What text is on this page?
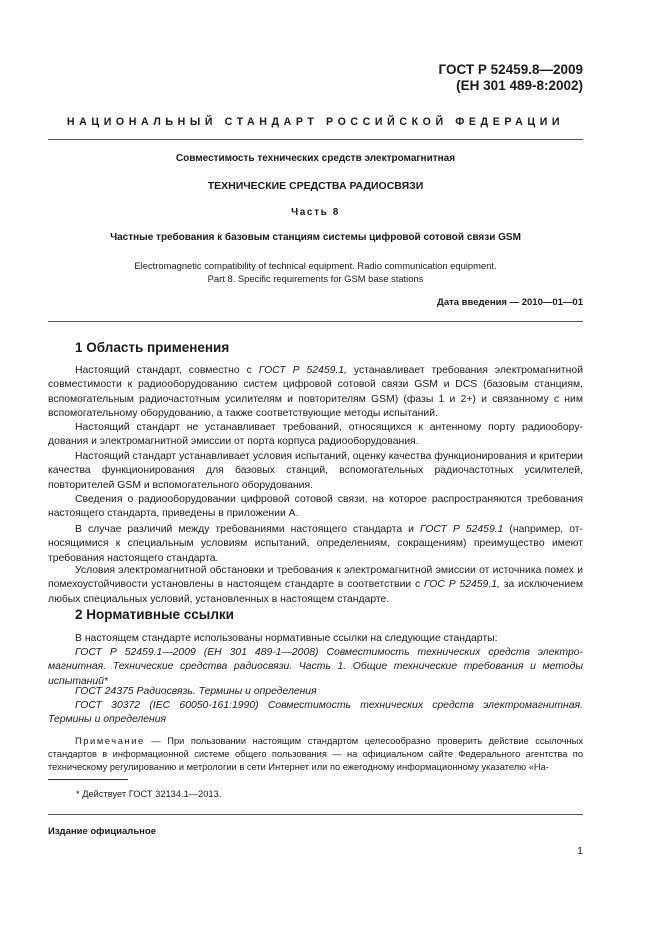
ГОСТ Р 52459.8—2009
(ЕН 301 489-8:2002)
НАЦИОНАЛЬНЫЙ СТАНДАРТ РОССИЙСКОЙ ФЕДЕРАЦИИ
Совместимость технических средств электромагнитная
ТЕХНИЧЕСКИЕ СРЕДСТВА РАДИОСВЯЗИ
Часть 8
Частные требования к базовым станциям системы цифровой сотовой связи GSM
Electromagnetic compatibility of technical equipment. Radio communication equipment.
Part 8. Specific requirements for GSM base stations
Дата введения — 2010—01—01
1 Область применения

Настоящий стандарт, совместно с ГОСТ Р 52459.1, устанавливает требования электромагнитной совместимости к радиооборудованию систем цифровой сотовой связи GSM и DCS (базовым станциям, вспомогательным радиочастотным усилителям и повторителям GSM) (фазы 1 и 2+) и связанному с ним вспомогательному оборудованию, а также соответствующие методы испытаний.

Настоящий стандарт не устанавливает требований, относящихся к антенному порту радиооборудования и электромагнитной эмиссии от порта корпуса радиооборудования.

Настоящий стандарт устанавливает условия испытаний, оценку качества функционирования и критерии качества функционирования для базовых станций, вспомогательных радиочастотных усилителей, повторителей GSM и вспомогательного оборудования.

Сведения о радиооборудовании цифровой сотовой связи, на которое распространяются требования настоящего стандарта, приведены в приложении А.

В случае различий между требованиями настоящего стандарта и ГОСТ Р 52459.1 (например, относящимися к специальным условиям испытаний, определениям, сокращениям) преимущество имеют требования настоящего стандарта.

Условия электромагнитной обстановки и требования к электромагнитной эмиссии от источника помех и помехоустойчивости установлены в настоящем стандарте в соответствии с ГОС Р 52459.1, за исключением любых специальных условий, установленных в настоящем стандарте.

2 Нормативные ссылки

В настоящем стандарте использованы нормативные ссылки на следующие стандарты:

ГОСТ Р 52459.1—2009 (ЕН 301 489-1—2008) Совместимость технических средств электромагнитная. Технические средства радиосвязи. Часть 1. Общие технические требования и методы испытаний*

ГОСТ 24375 Радиосвязь. Термины и определения

ГОСТ 30372 (IEC 60050-161:1990) Совместимость технических средств электромагнитная. Термины и определения

Примечание — При пользовании настоящим стандартом целесообразно проверить действие ссылочных стандартов в информационной системе общего пользования — на официальном сайте Федерального агентства по техническому регулированию и метрологии в сети Интернет или по ежегодному информационному указателю «На-

* Действует ГОСТ 32134.1—2013.
Издание официальное
1
